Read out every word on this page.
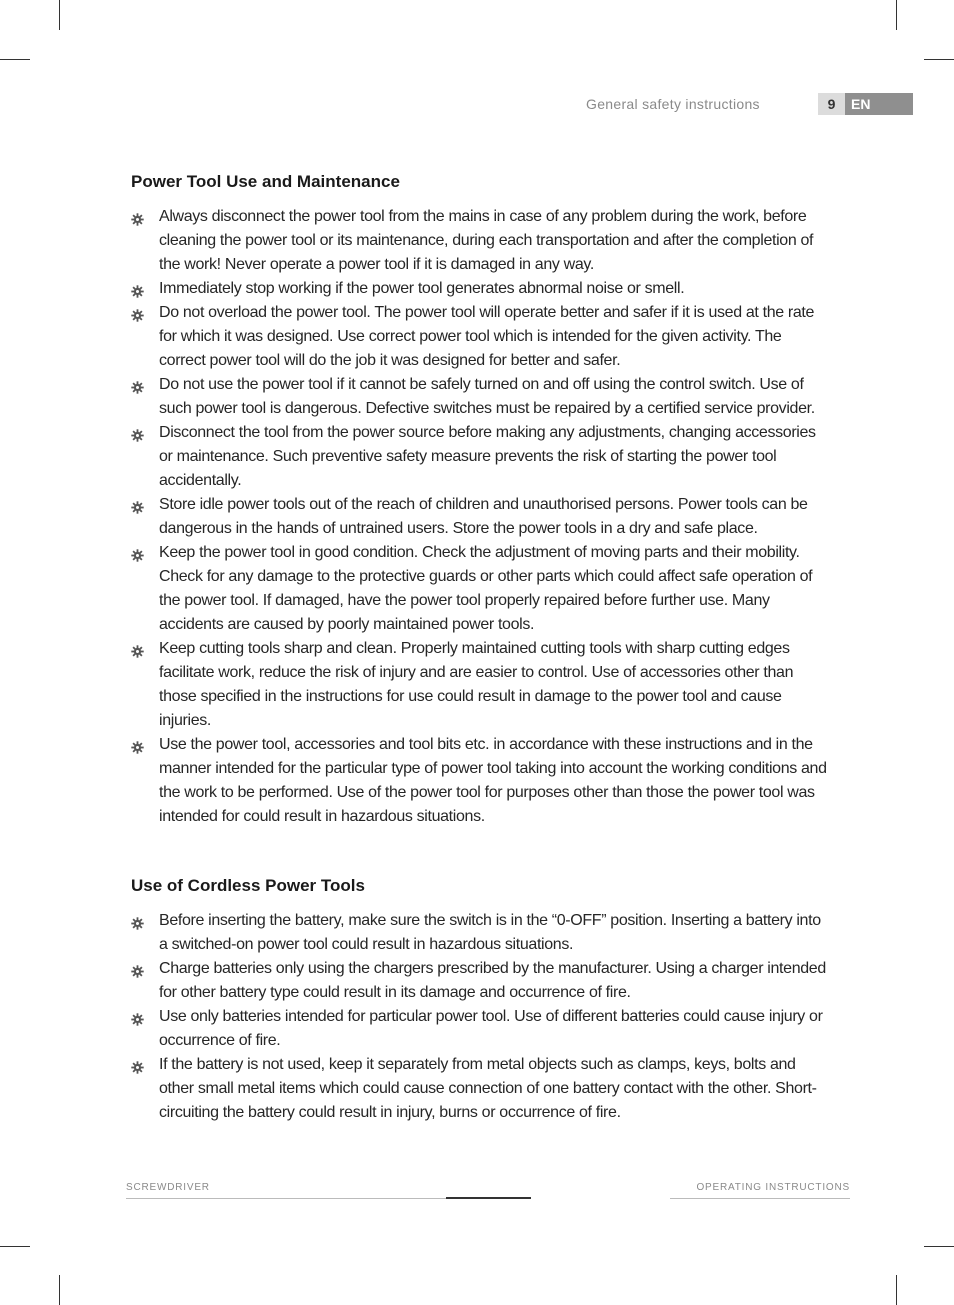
General safety instructions	9	EN
Power Tool Use and Maintenance
Always disconnect the power tool from the mains in case of any problem during the work, before cleaning the power tool or its maintenance, during each transportation and after the completion of the work! Never operate a power tool if it is damaged in any way.
Immediately stop working if the power tool generates abnormal noise or smell.
Do not overload the power tool. The power tool will operate better and safer if it is used at the rate for which it was designed. Use correct power tool which is intended for the given activity. The correct power tool will do the job it was designed for better and safer.
Do not use the power tool if it cannot be safely turned on and off using the control switch. Use of such power tool is dangerous. Defective switches must be repaired by a certified service provider.
Disconnect the tool from the power source before making any adjustments, changing accessories or maintenance. Such preventive safety measure prevents the risk of starting the power tool accidentally.
Store idle power tools out of the reach of children and unauthorised persons. Power tools can be dangerous in the hands of untrained users. Store the power tools in a dry and safe place.
Keep the power tool in good condition. Check the adjustment of moving parts and their mobility. Check for any damage to the protective guards or other parts which could affect safe operation of the power tool. If damaged, have the power tool properly repaired before further use. Many accidents are caused by poorly maintained power tools.
Keep cutting tools sharp and clean. Properly maintained cutting tools with sharp cutting edges facilitate work, reduce the risk of injury and are easier to control. Use of accessories other than those specified in the instructions for use could result in damage to the power tool and cause injuries.
Use the power tool, accessories and tool bits etc. in accordance with these instructions and in the manner intended for the particular type of power tool taking into account the working conditions and the work to be performed. Use of the power tool for purposes other than those the power tool was intended for could result in hazardous situations.
Use of Cordless Power Tools
Before inserting the battery, make sure the switch is in the “0-OFF” position. Inserting a battery into a switched-on power tool could result in hazardous situations.
Charge batteries only using the chargers prescribed by the manufacturer. Using a charger intended for other battery type could result in its damage and occurrence of fire.
Use only batteries intended for particular power tool. Use of different batteries could cause injury or occurrence of fire.
If the battery is not used, keep it separately from metal objects such as clamps, keys, bolts and other small metal items which could cause connection of one battery contact with the other. Short-circuiting the battery could result in injury, burns or occurrence of fire.
SCREWDRIVER	OPERATING INSTRUCTIONS
